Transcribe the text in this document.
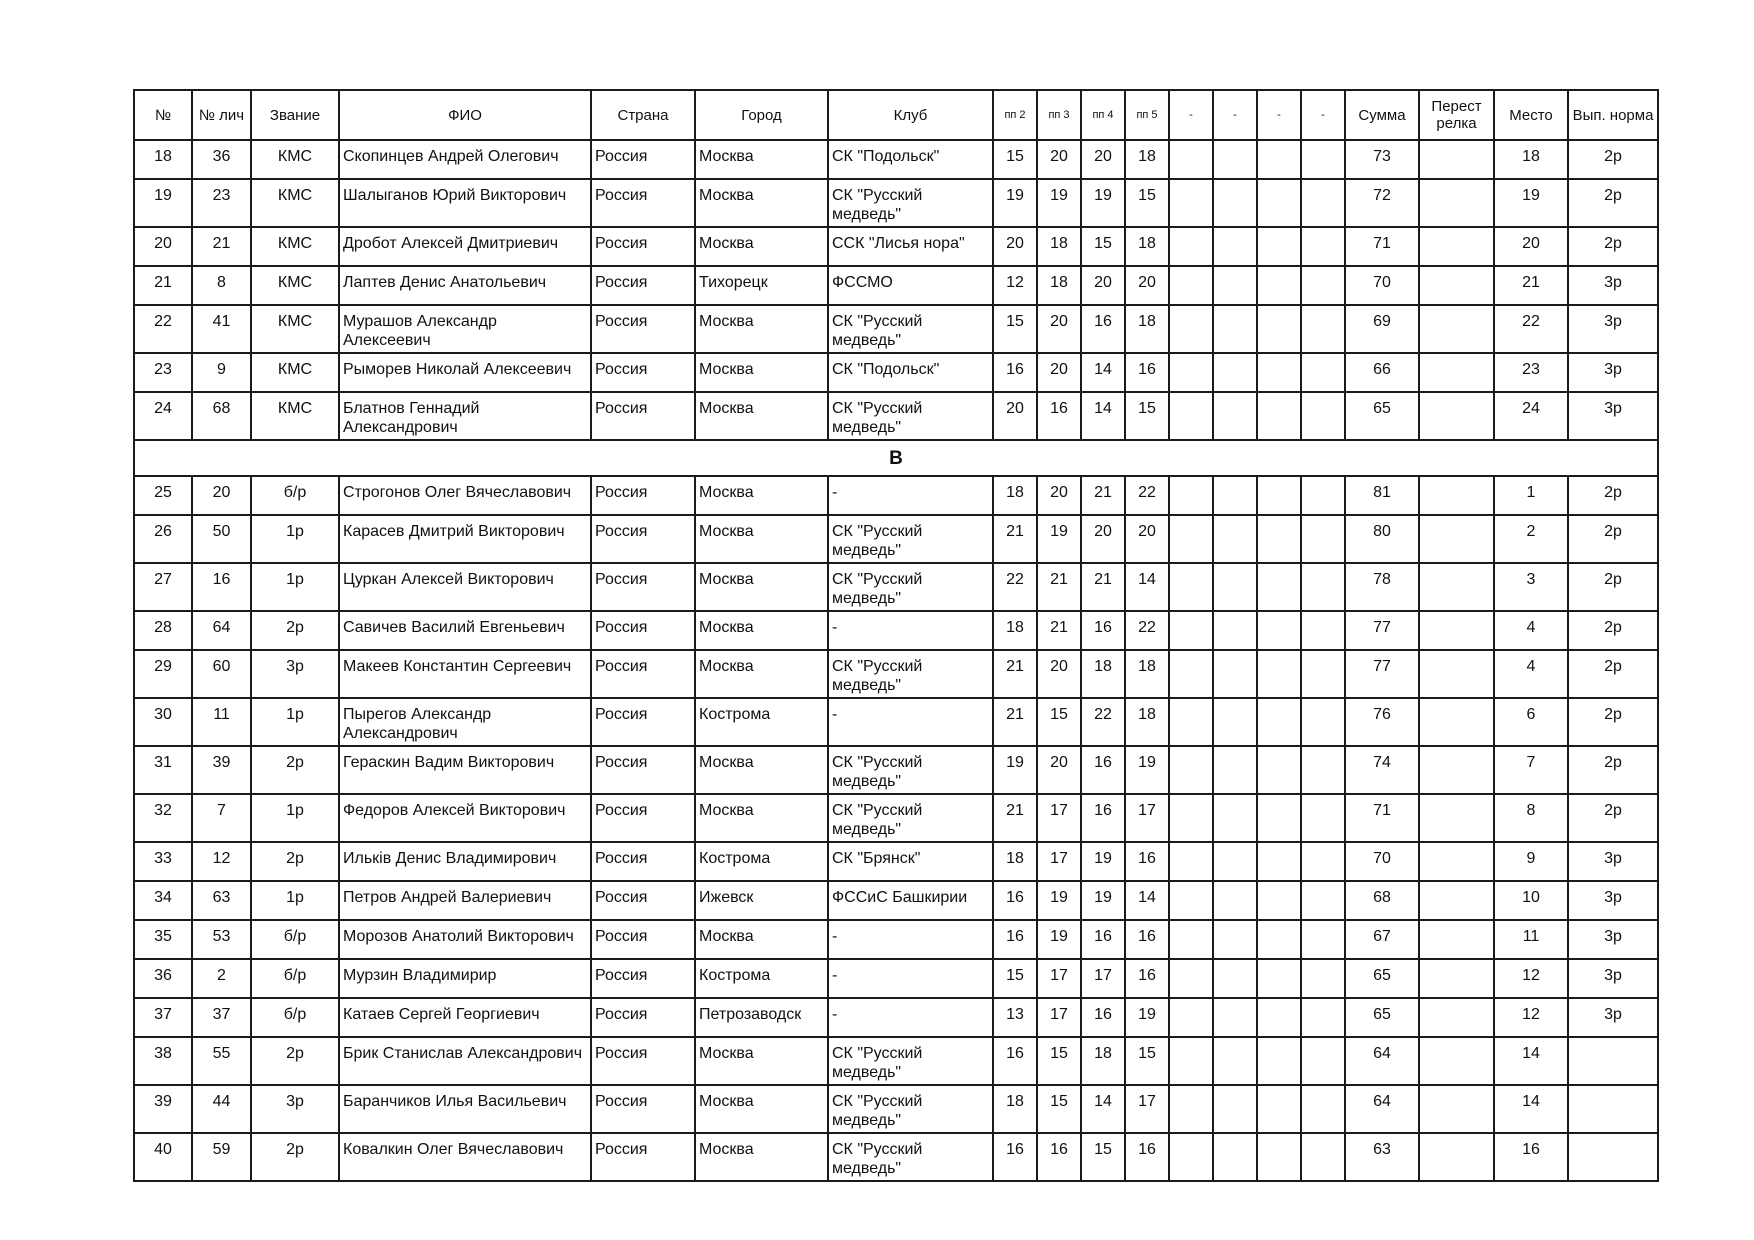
№	№ лич	Звание	ФИО	Страна	Город	Клуб	пп 2	пп 3	пп 4	пп 5	-	-	-	-	Сумма	Перест релка	Место	Вып. норма
18	36	КМС	Скопинцев Андрей Олегович	Россия	Москва	СК "Подольск"	15	20	20	18					73		18	2р
19	23	КМС	Шалыганов Юрий Викторович	Россия	Москва	СК "Русский медведь"	19	19	19	15					72		19	2р
20	21	КМС	Дробот Алексей Дмитриевич	Россия	Москва	ССК "Лисья нора"	20	18	15	18					71		20	2р
21	8	КМС	Лаптев Денис Анатольевич	Россия	Тихорецк	ФССМО	12	18	20	20					70		21	3р
22	41	КМС	Мурашов Александр Алексеевич	Россия	Москва	СК "Русский медведь"	15	20	16	18					69		22	3р
23	9	КМС	Рыморев Николай Алексеевич	Россия	Москва	СК "Подольск"	16	20	14	16					66		23	3р
24	68	КМС	Блатнов Геннадий Александрович	Россия	Москва	СК "Русский медведь"	20	16	14	15					65		24	3р
В																		
25	20	б/р	Строгонов Олег Вячеславович	Россия	Москва	-	18	20	21	22					81		1	2р
26	50	1р	Карасев Дмитрий Викторович	Россия	Москва	СК "Русский медведь"	21	19	20	20					80		2	2р
27	16	1р	Цуркан Алексей Викторович	Россия	Москва	СК "Русский медведь"	22	21	21	14					78		3	2р
28	64	2р	Савичев Василий Евгеньевич	Россия	Москва	-	18	21	16	22					77		4	2р
29	60	3р	Макеев Константин Сергеевич	Россия	Москва	СК "Русский медведь"	21	20	18	18					77		4	2р
30	11	1р	Пырегов Александр Александрович	Россия	Кострома	-	21	15	22	18					76		6	2р
31	39	2р	Гераскин Вадим Викторович	Россия	Москва	СК "Русский медведь"	19	20	16	19					74		7	2р
32	7	1р	Федоров Алексей Викторович	Россия	Москва	СК "Русский медведь"	21	17	16	17					71		8	2р
33	12	2р	Ильків Денис Владимирович	Россия	Кострома	СК "Брянск"	18	17	19	16					70		9	3р
34	63	1р	Петров Андрей Валериевич	Россия	Ижевск	ФССиС Башкирии	16	19	19	14					68		10	3р
35	53	б/р	Морозов Анатолий Викторович	Россия	Москва	-	16	19	16	16					67		11	3р
36	2	б/р	Мурзин Владимирир	Россия	Кострома	-	15	17	17	16					65		12	3р
37	37	б/р	Катаев Сергей Георгиевич	Россия	Петрозаводск	-	13	17	16	19					65		12	3р
38	55	2р	Брик Станислав Александрович	Россия	Москва	СК "Русский медведь"	16	15	18	15					64		14	
39	44	3р	Баранчиков Илья Васильевич	Россия	Москва	СК "Русский медведь"	18	15	14	17					64		14	
40	59	2р	Ковалкин Олег Вячеславович	Россия	Москва	СК "Русский медведь"	16	16	15	16					63		16	
